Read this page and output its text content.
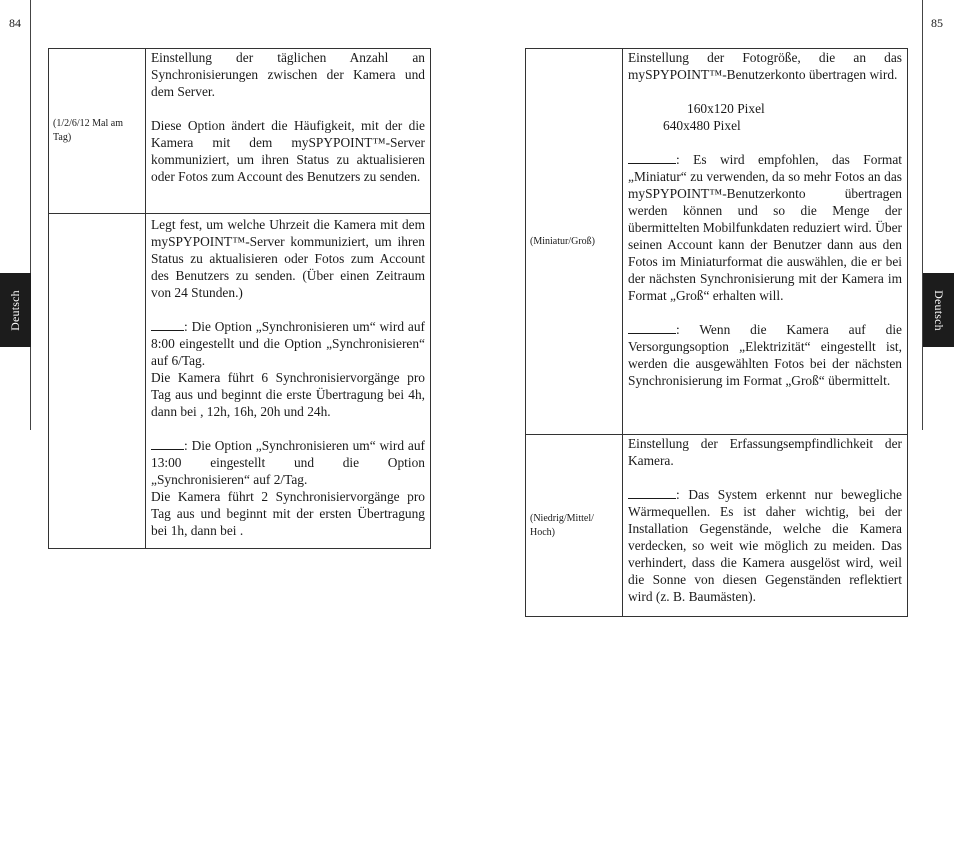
84
Deutsch
85
Deutsch
(1/2/6/12 Mal am Tag)	Einstellung der täglichen Anzahl an Synchronisierungen zwischen der Kamera und dem Server.

Diese Option ändert die Häufigkeit, mit der die Kamera mit dem mySPYPOINT™-Server kommuniziert, um ihren Status zu aktualisieren oder Fotos zum Account des Benutzers zu senden.

	Legt fest, um welche Uhrzeit die Kamera mit dem mySPYPOINT™-Server kommuniziert, um ihren Status zu aktualisieren oder Fotos zum Account des Benutzers zu senden. (Über einen Zeitraum von 24 Stunden.)

: Die Option „Synchronisieren um“ wird auf 8:00 eingestellt und die Option „Synchronisieren“ auf 6/Tag.

Die Kamera führt 6 Synchronisiervorgänge pro Tag aus und beginnt die erste Übertragung bei 4h, dann bei , 12h, 16h, 20h und 24h.

: Die Option „Synchronisieren um“ wird auf 13:00 eingestellt und die Option „Synchronisieren“ auf 2/Tag.

Die Kamera führt 2 Synchronisiervorgänge pro Tag aus und beginnt mit der ersten Übertragung bei 1h, dann bei .

(Miniatur/Groß)	Einstellung der Fotogröße, die an das mySPYPOINT™-Benutzerkonto übertragen wird.

160x120 Pixel

640x480 Pixel

: Es wird empfohlen, das Format „Miniatur“ zu verwenden, da so mehr Fotos an das mySPYPOINT™-Benutzerkonto übertragen werden können und so die Menge der übermittelten Mobilfunkdaten reduziert wird. Über seinen Account kann der Benutzer dann aus den Fotos im Miniaturformat die auswählen, die er bei der nächsten Synchronisierung mit der Kamera im Format „Groß“ erhalten will.

: Wenn die Kamera auf die Versorgungsoption „Elektrizität“ eingestellt ist, werden die ausgewählten Fotos bei der nächsten Synchronisierung im Format „Groß“ übermittelt.

(Niedrig/Mittel/ Hoch)	Einstellung der Erfassungsempfindlichkeit der Kamera.

: Das System erkennt nur bewegliche Wärmequellen. Es ist daher wichtig, bei der Installation Gegenstände, welche die Kamera verdecken, so weit wie möglich zu meiden. Das verhindert, dass die Kamera ausgelöst wird, weil die Sonne von diesen Gegenständen reflektiert wird (z. B. Baumästen).
